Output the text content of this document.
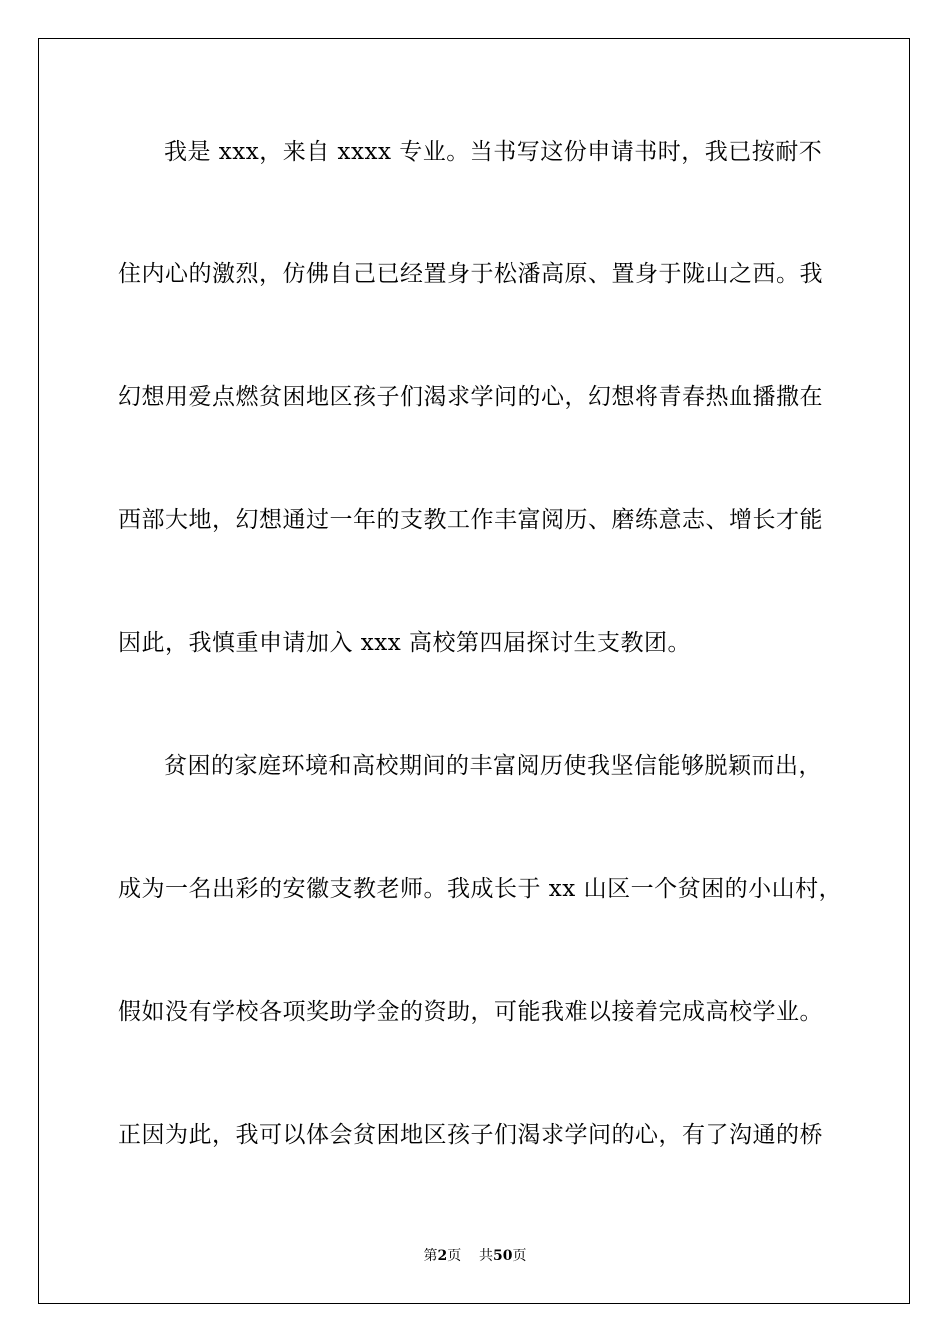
我是 xxx，来自 xxxx 专业。当书写这份申请书时，我已按耐不
住内心的激烈，仿佛自己已经置身于松潘高原、置身于陇山之西。我
幻想用爱点燃贫困地区孩子们渴求学问的心，幻想将青春热血播撒在
西部大地，幻想通过一年的支教工作丰富阅历、磨练意志、增长才能
因此，我慎重申请加入 xxx 高校第四届探讨生支教团。
贫困的家庭环境和高校期间的丰富阅历使我坚信能够脱颖而出，
成为一名出彩的安徽支教老师。我成长于 xx 山区一个贫困的小山村，
假如没有学校各项奖助学金的资助，可能我难以接着完成高校学业。
正因为此，我可以体会贫困地区孩子们渴求学问的心，有了沟通的桥
第2页 共50页
